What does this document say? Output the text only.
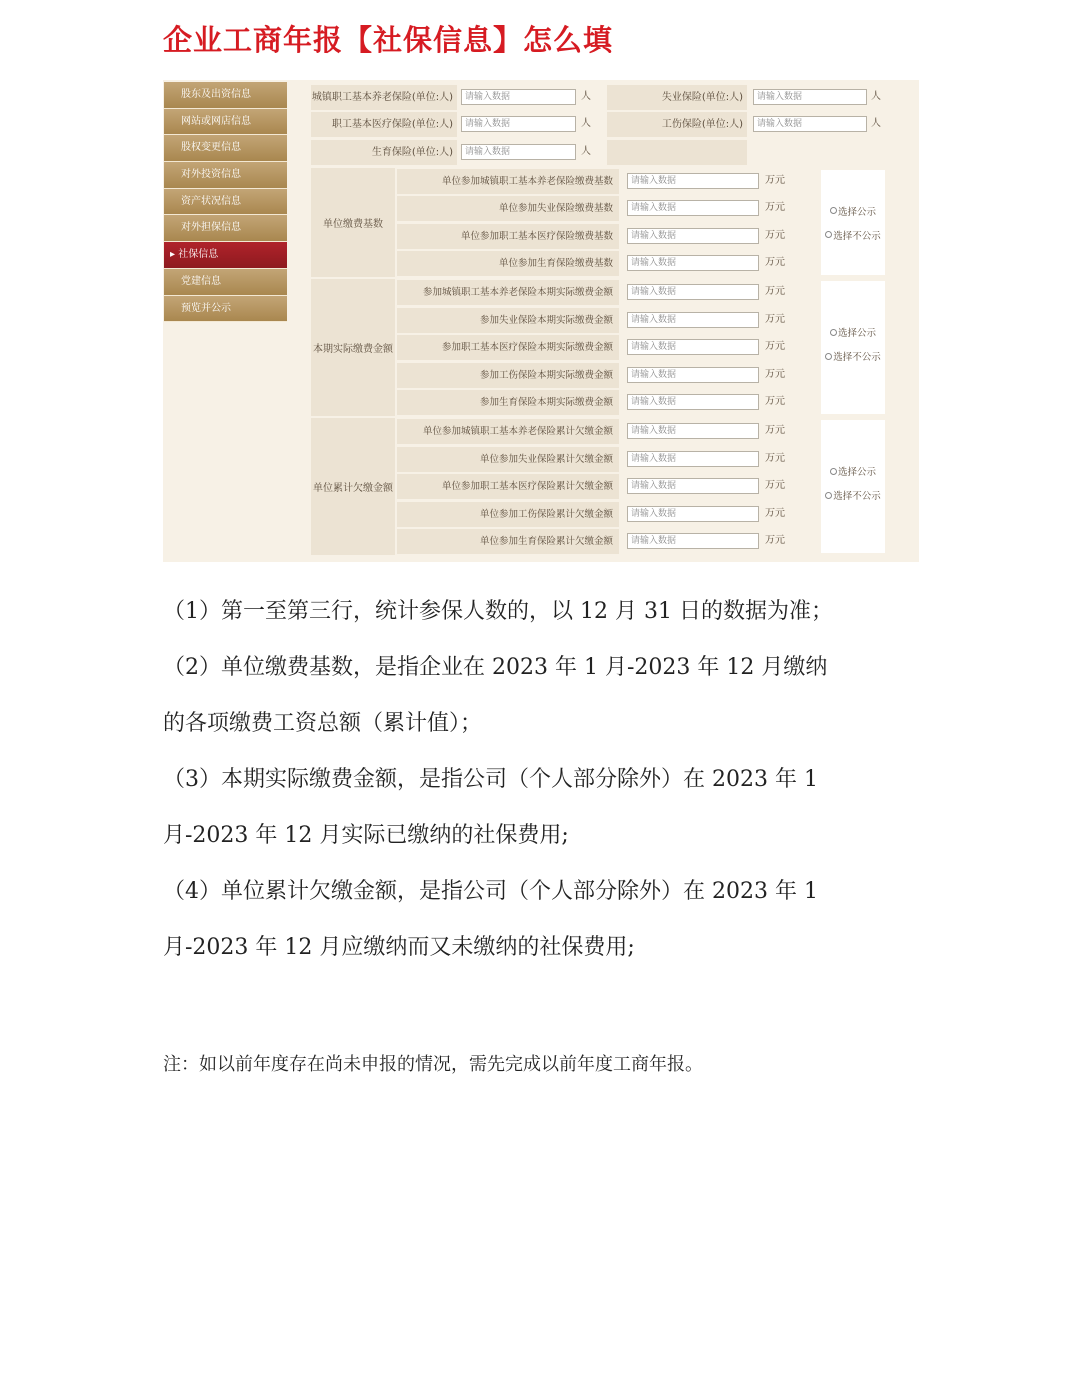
企业工商年报【社保信息】怎么填
股东及出资信息
网站或网店信息
股权变更信息
对外投资信息
资产状况信息
对外担保信息
▸ 社保信息
党建信息
预览并公示
城镇职工基本养老保险(单位:人)	请输入数据	人	失业保险(单位:人)	请输入数据	人
职工基本医疗保险(单位:人)	请输入数据	人	工伤保险(单位:人)	请输入数据	人
生育保险(单位:人)	请输入数据	人
单位缴费基数
单位参加城镇职工基本养老保险缴费基数	请输入数据	万元
单位参加失业保险缴费基数	请输入数据	万元
单位参加职工基本医疗保险缴费基数	请输入数据	万元
单位参加生育保险缴费基数	请输入数据	万元
选择公示
选择不公示
本期实际缴费金额
参加城镇职工基本养老保险本期实际缴费金额	请输入数据	万元
参加失业保险本期实际缴费金额	请输入数据	万元
参加职工基本医疗保险本期实际缴费金额	请输入数据	万元
参加工伤保险本期实际缴费金额	请输入数据	万元
参加生育保险本期实际缴费金额	请输入数据	万元
选择公示
选择不公示
单位累计欠缴金额
单位参加城镇职工基本养老保险累计欠缴金额	请输入数据	万元
单位参加失业保险累计欠缴金额	请输入数据	万元
单位参加职工基本医疗保险累计欠缴金额	请输入数据	万元
单位参加工伤保险累计欠缴金额	请输入数据	万元
单位参加生育保险累计欠缴金额	请输入数据	万元
选择公示
选择不公示
（1）第一至第三行，统计参保人数的，以 12 月 31 日的数据为准；
（2）单位缴费基数，是指企业在 2023 年 1 月-2023 年 12 月缴纳
的各项缴费工资总额（累计值）；
（3）本期实际缴费金额，是指公司（个人部分除外）在 2023 年 1
月-2023 年 12 月实际已缴纳的社保费用;
（4）单位累计欠缴金额，是指公司（个人部分除外）在 2023 年 1
月-2023 年 12 月应缴纳而又未缴纳的社保费用;
注：如以前年度存在尚未申报的情况，需先完成以前年度工商年报。
